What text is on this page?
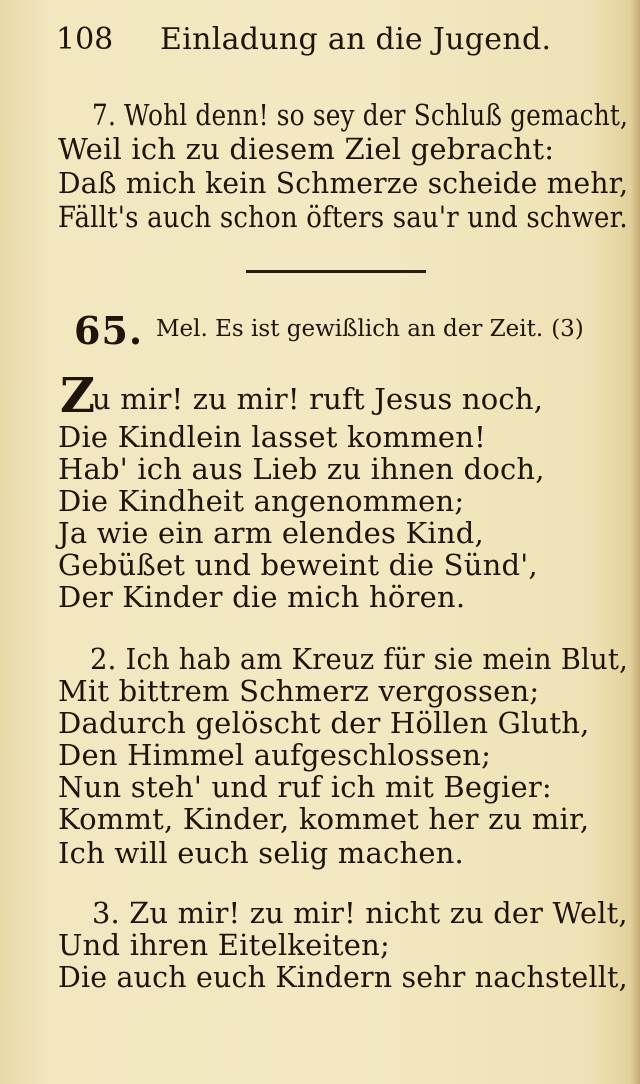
108 Einladung an die Jugend.
7. Wohl denn! so sey der Schluß gemacht,
Weil ich zu diesem Ziel gebracht:
Daß mich kein Schmerze scheide mehr,
Fällt's auch schon öfters sau'r und schwer.
65. Mel. Es ist gewißlich an der Zeit. (3)
Z
u mir! zu mir! ruft Jesus noch,
Die Kindlein lasset kommen!
Hab' ich aus Lieb zu ihnen doch,
Die Kindheit angenommen;
Ja wie ein arm elendes Kind,
Gebüßet und beweint die Sünd',
Der Kinder die mich hören.
2. Ich hab am Kreuz für sie mein Blut,
Mit bittrem Schmerz vergossen;
Dadurch gelöscht der Höllen Gluth,
Den Himmel aufgeschlossen;
Nun steh' und ruf ich mit Begier:
Kommt, Kinder, kommet her zu mir,
Ich will euch selig machen.
3. Zu mir! zu mir! nicht zu der Welt,
Und ihren Eitelkeiten;
Die auch euch Kindern sehr nachstellt,
